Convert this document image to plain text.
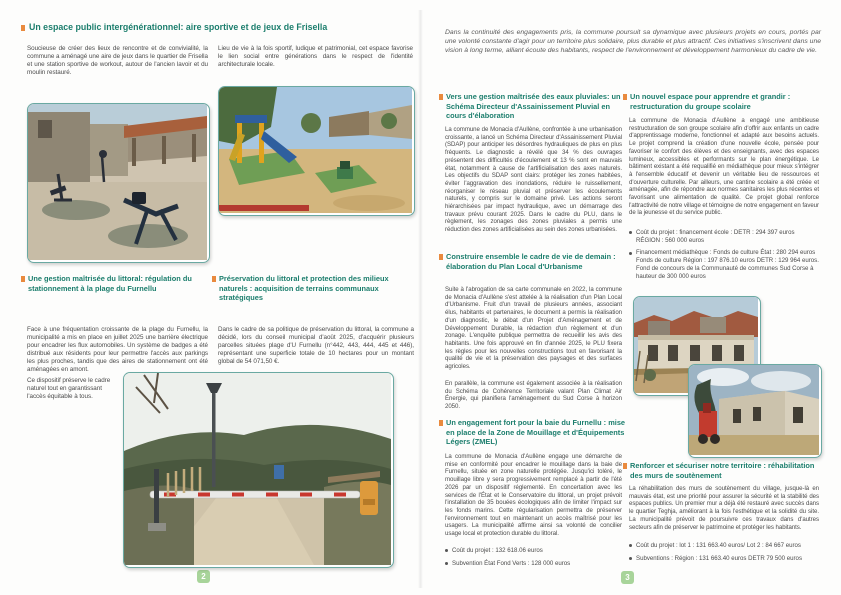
Un espace public intergénérationnel: aire sportive et de jeux de Frisella
Soucieuse de créer des lieux de rencontre et de convivialité, la commune a aménagé une aire de jeux dans le quartier de Frisella et une station sportive de workout, autour de l'ancien lavoir et du moulin restauré.
Lieu de vie à la fois sportif, ludique et patrimonial, cet espace favorise le lien social entre générations dans le respect de l'identité architecturale locale.
Une gestion maîtrisée du littoral: régulation du stationnement à la plage du Furnellu
Face à une fréquentation croissante de la plage du Furnellu, la municipalité a mis en place en juillet 2025 une barrière électrique pour encadrer les flux automobiles. Un système de badges a été distribué aux résidents pour leur permettre l'accès aux parkings les plus proches, tandis que des aires de stationnement ont été aménagées en amont.
Ce dispositif préserve le cadre naturel tout en garantissant l'accès équitable à tous.
Préservation du littoral et protection des milieux naturels : acquisition de terrains communaux stratégiques
Dans le cadre de sa politique de préservation du littoral, la commune a décidé, lors du conseil municipal d'août 2025, d'acquérir plusieurs parcelles situées plage d'U Furnellu (n°442, 443, 444, 445 et 446), représentant une superficie totale de 10 hectares pour un montant global de 54 071,50 €.
2
Dans la continuité des engagements pris, la commune poursuit sa dynamique avec plusieurs projets en cours, portés par une volonté constante d'agir pour un territoire plus solidaire, plus durable et plus attractif. Ces initiatives s'inscrivent dans une vision à long terme, alliant écoute des habitants, respect de l'environnement et développement harmonieux du cadre de vie.
Vers une gestion maîtrisée des eaux pluviales: un Schéma Directeur d'Assainissement Pluvial en cours d'élaboration
La commune de Monacia d'Aullène, confrontée à une urbanisation croissante, a lancé un Schéma Directeur d'Assainissement Pluvial (SDAP) pour anticiper les désordres hydrauliques de plus en plus fréquents. Le diagnostic a révélé que 34 % des ouvrages présentent des difficultés d'écoulement et 13 % sont en mauvais état, notamment à cause de l'artificialisation des axes naturels. Les objectifs du SDAP sont clairs: protéger les zones habitées, éviter l'aggravation des inondations, réduire le ruissellement, réorganiser le réseau pluvial et préserver les écoulements naturels, y compris sur le domaine privé. Les actions seront hiérarchisées par impact hydraulique, avec un démarrage des travaux prévu courant 2025. Dans le cadre du PLU, dans le règlement, les zonages des zones pluviales a permis une réduction des zones artificialisées au sein des zones urbanisées.
Construire ensemble le cadre de vie de demain : élaboration du Plan Local d'Urbanisme
Suite à l'abrogation de sa carte communale en 2022, la commune de Monacia d'Aullène s'est attelée à la réalisation d'un Plan Local d'Urbanisme. Fruit d'un travail de plusieurs années, associant élus, habitants et partenaires, le document a permis la réalisation d'un diagnostic, le débat d'un Projet d'Aménagement et de Développement Durable, la rédaction d'un règlement et d'un zonage. L'enquête publique permettra de recueillir les avis des habitants. Une fois approuvé en fin d'année 2025, le PLU fixera les règles pour les nouvelles constructions tout en favorisant la qualité de vie et la préservation des paysages et des surfaces agricoles.
En parallèle, la commune est également associée à la réalisation du Schéma de Cohérence Territoriale valant Plan Climat Air Énergie, qui planifiera l'aménagement du Sud Corse à horizon 2050.
Un engagement fort pour la baie du Furnellu : mise en place de la Zone de Mouillage et d'Équipements Légers (ZMEL)
La commune de Monacia d'Aullène engage une démarche de mise en conformité pour encadrer le mouillage dans la baie de Furnellu, située en zone naturelle protégée. Jusqu'ici toléré, le mouillage libre y sera progressivement remplacé à partir de l'été 2026 par un dispositif réglementé. En concertation avec les services de l'État et le Conservatoire du littoral, un projet prévoit l'installation de 35 bouées écologiques afin de limiter l'impact sur les fonds marins. Cette régularisation permettra de préserver l'environnement tout en maintenant un accès maîtrisé pour les usagers. La municipalité affirme ainsi sa volonté de concilier usage local et protection durable du littoral.
Coût du projet : 132 618.06 euros
Subvention État Fond Verts : 128 000 euros
Un nouvel espace pour apprendre et grandir : restructuration du groupe scolaire
La commune de Monacia d'Aullène a engagé une ambitieuse restructuration de son groupe scolaire afin d'offrir aux enfants un cadre d'apprentissage moderne, fonctionnel et adapté aux besoins actuels. Le projet comprend la création d'une nouvelle école, pensée pour favoriser le confort des élèves et des enseignants, avec des espaces lumineux, accessibles et performants sur le plan énergétique. Le bâtiment existant a été requalifié en médiathèque pour mieux s'intégrer à l'ensemble éducatif et devenir un véritable lieu de ressources et d'ouverture culturelle. Par ailleurs, une cantine scolaire a été créée et aménagée, afin de répondre aux normes sanitaires les plus récentes et favorisant une alimentation de qualité. Ce projet global renforce l'attractivité de notre village et témoigne de notre engagement en faveur de la jeunesse et du service public.
Coût du projet : financement école : DETR : 294 397 euros RÉGION : 560 000 euros
Financement médiathèque : Fonds de culture État : 280 294 euros Fonds de culture Région : 197 876.10 euros DETR : 129 964 euros. Fond de concours de la Communauté de communes Sud Corse à hauteur de 300 000 euros
Renforcer et sécuriser notre territoire : réhabilitation des murs de soutènement
La réhabilitation des murs de soutènement du village, jusque-là en mauvais état, est une priorité pour assurer la sécurité et la stabilité des espaces publics. Un premier mur a déjà été restauré avec succès dans le quartier Teghja, améliorant à la fois l'esthétique et la solidité du site. La municipalité prévoit de poursuivre ces travaux dans d'autres secteurs afin de préserver le patrimoine et protéger les habitants.
Coût du projet : lot 1 : 131 663.40 euros/ Lot 2 : 84 667 euros
Subventions : Région : 131 663.40 euros DETR 79 500 euros
3
